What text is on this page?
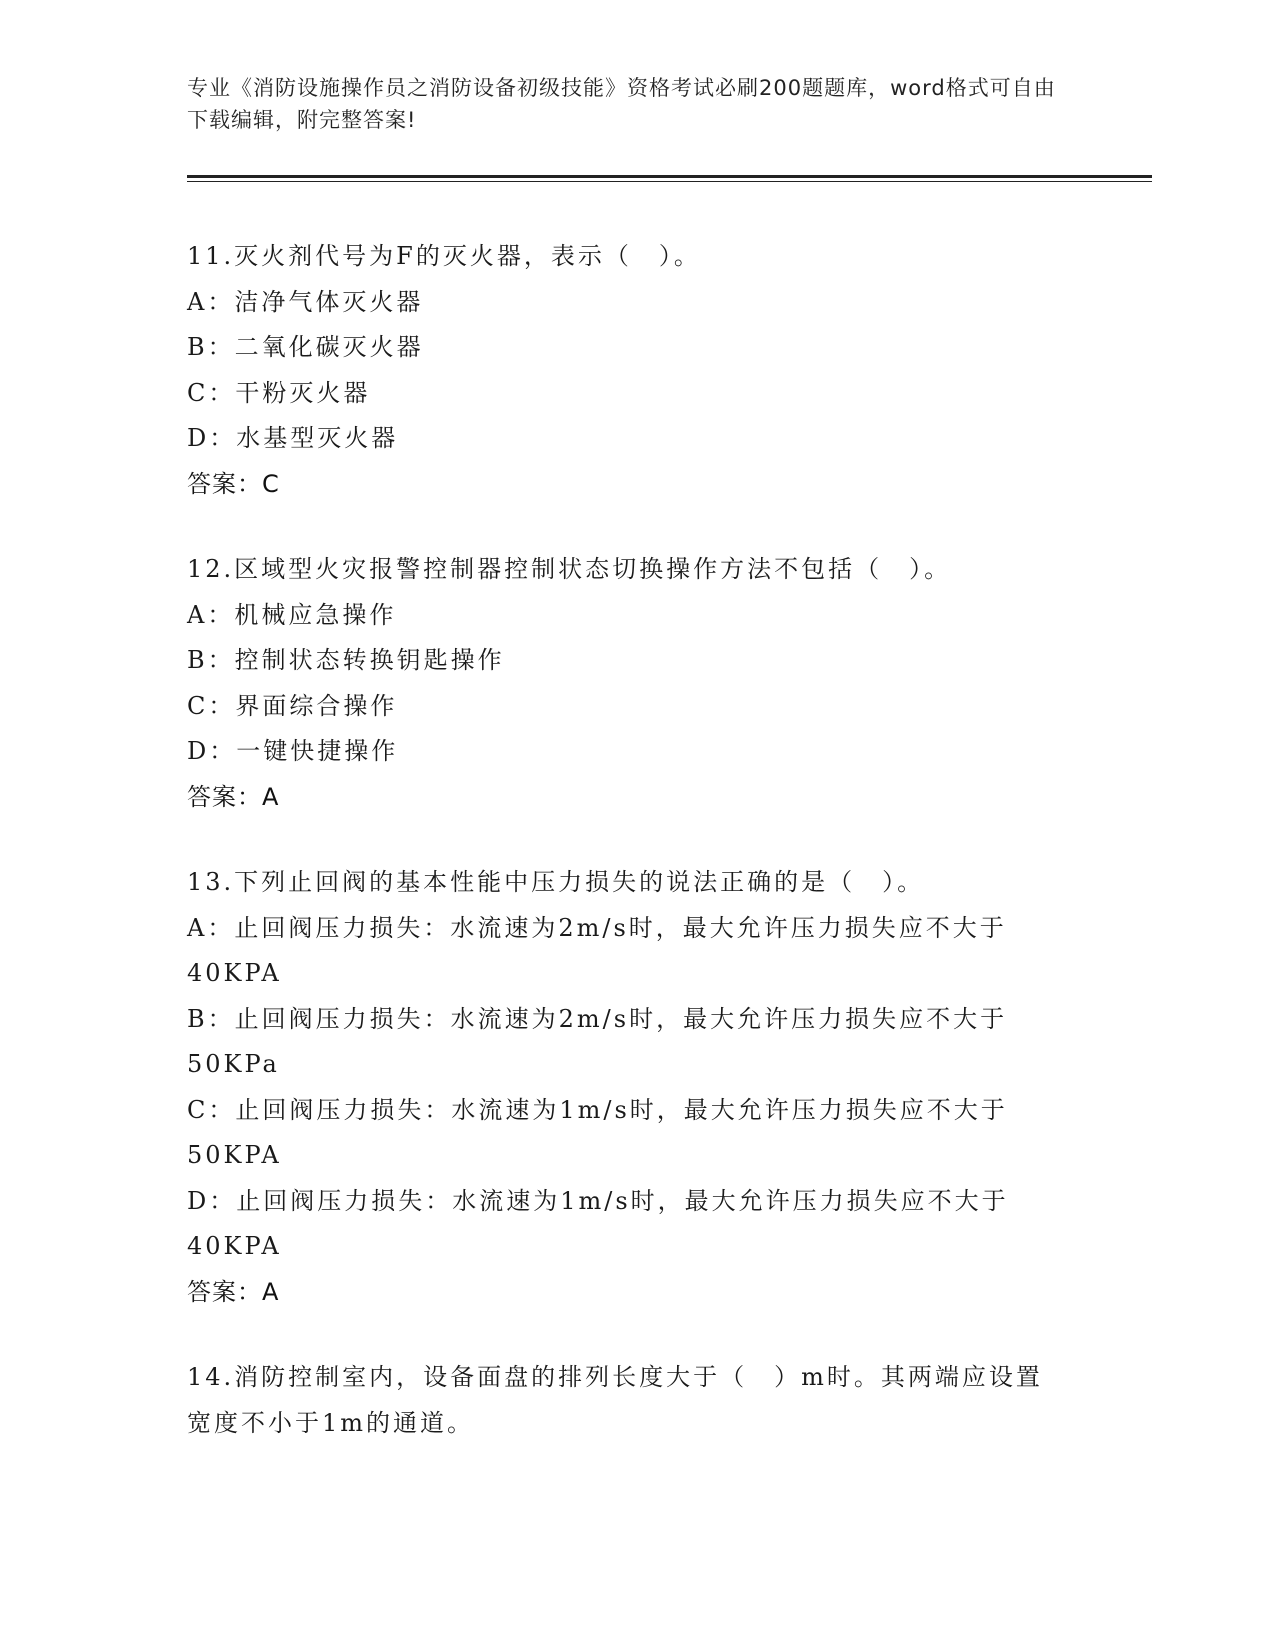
专业《消防设施操作员之消防设备初级技能》资格考试必刷200题题库，word格式可自由下载编辑，附完整答案!
11.灭火剂代号为F的灭火器，表示（　）。
A：洁净气体灭火器
B：二氧化碳灭火器
C：干粉灭火器
D：水基型灭火器
答案：C
12.区域型火灾报警控制器控制状态切换操作方法不包括（　）。
A：机械应急操作
B：控制状态转换钥匙操作
C：界面综合操作
D：一键快捷操作
答案：A
13.下列止回阀的基本性能中压力损失的说法正确的是（　）。
A：止回阀压力损失：水流速为2m/s时，最大允许压力损失应不大于40KPA
B：止回阀压力损失：水流速为2m/s时，最大允许压力损失应不大于50KPa
C：止回阀压力损失：水流速为1m/s时，最大允许压力损失应不大于50KPA
D：止回阀压力损失：水流速为1m/s时，最大允许压力损失应不大于40KPA
答案：A
14.消防控制室内，设备面盘的排列长度大于（　）m时。其两端应设置宽度不小于1m的通道。
